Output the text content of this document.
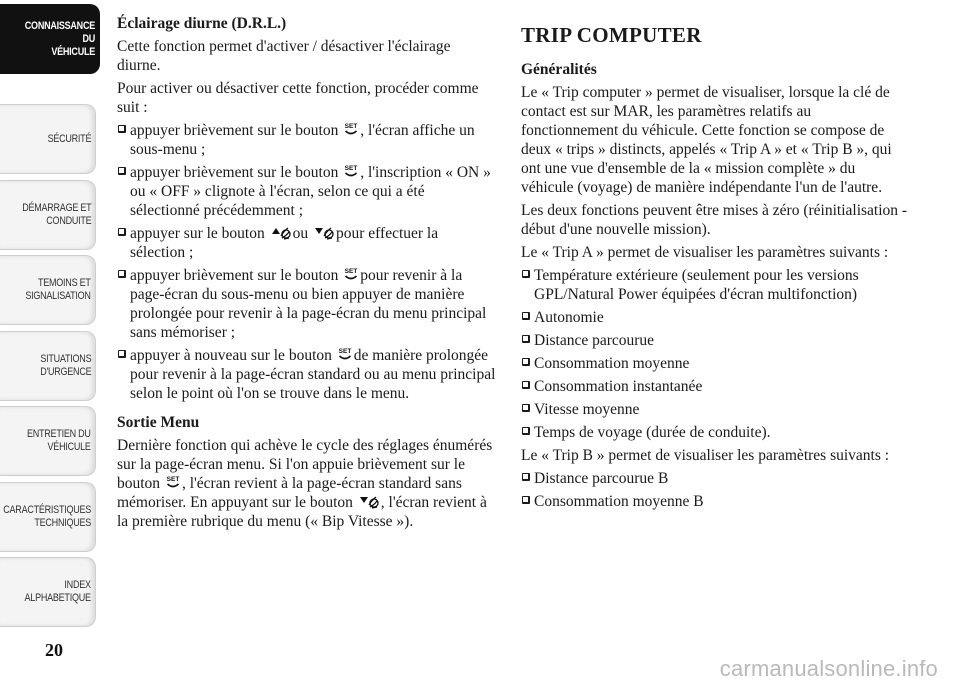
CONNAISSANCE DU
VÉHICULE
SÉCURITÉ
DÉMARRAGE ET
CONDUITE
TEMOINS ET
SIGNALISATION
SITUATIONS
D'URGENCE
ENTRETIEN DU
VÉHICULE
CARACTÉRISTIQUES
TECHNIQUES
INDEX
ALPHABETIQUE
20

Éclairage diurne (D.R.L.)

Cette fonction permet d'activer / désactiver l'éclairage diurne.

Pour activer ou désactiver cette fonction, procéder comme suit :

appuyer brièvement sur le bouton , l'écran affiche un sous-menu ;
appuyer brièvement sur le bouton , l'inscription « ON » ou « OFF » clignote à l'écran, selon ce qui a été sélectionné précédemment ;
appuyer sur le bouton ou pour effectuer la sélection ;
appuyer brièvement sur le bouton pour revenir à la page-écran du sous-menu ou bien appuyer de manière prolongée pour revenir à la page-écran du menu principal sans mémoriser ;
appuyer à nouveau sur le bouton de manière prolongée pour revenir à la page-écran standard ou au menu principal selon le point où l'on se trouve dans le menu.

Sortie Menu

Dernière fonction qui achève le cycle des réglages énumérés sur la page-écran menu. Si l'on appuie brièvement sur le bouton , l'écran revient à la page-écran standard sans mémoriser. En appuyant sur le bouton , l'écran revient à la première rubrique du menu (« Bip Vitesse »).

TRIP COMPUTER

Généralités

Le « Trip computer » permet de visualiser, lorsque la clé de contact est sur MAR, les paramètres relatifs au fonctionnement du véhicule. Cette fonction se compose de deux « trips » distincts, appelés « Trip A » et « Trip B », qui ont une vue d'ensemble de la « mission complète » du véhicule (voyage) de manière indépendante l'un de l'autre.

Les deux fonctions peuvent être mises à zéro (réinitialisation - début d'une nouvelle mission).

Le « Trip A » permet de visualiser les paramètres suivants :

Température extérieure (seulement pour les versions GPL/Natural Power équipées d'écran multifonction)
Autonomie
Distance parcourue
Consommation moyenne
Consommation instantanée
Vitesse moyenne
Temps de voyage (durée de conduite).

Le « Trip B » permet de visualiser les paramètres suivants :

Distance parcourue B
Consommation moyenne B
carmanualsonline.info
